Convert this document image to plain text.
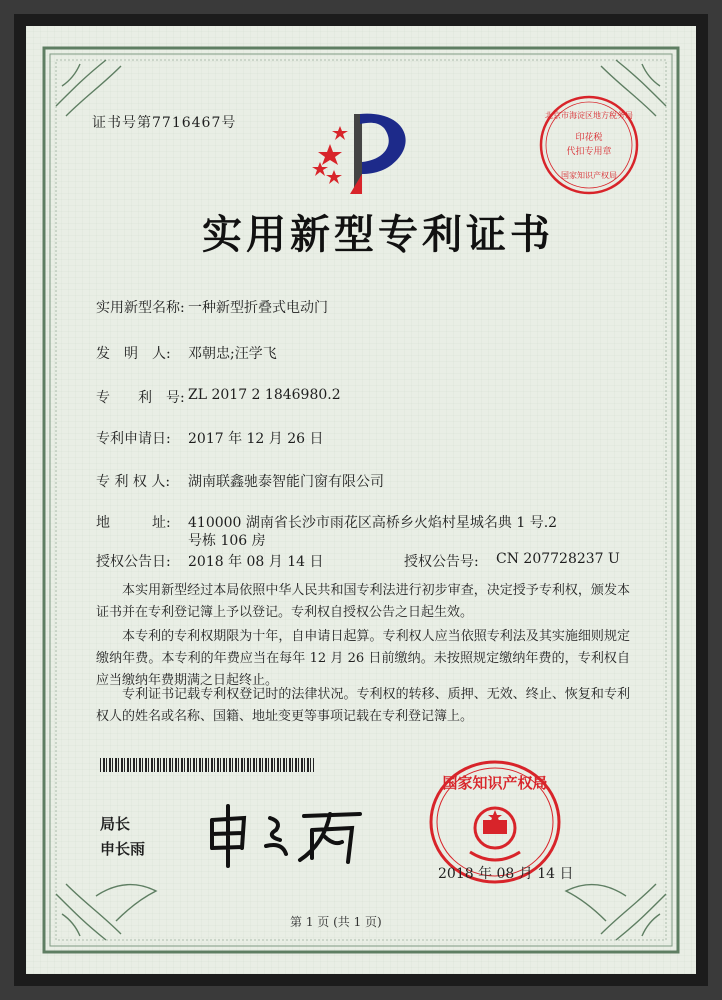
证书号第7716467号
实用新型专利证书
实用新型名称: 一种新型折叠式电动门
发　明　人: 邓朝忠;汪学飞
专　　利　号: ZL 2017 2 1846980.2
专利申请日: 2017 年 12 月 26 日
专 利 权 人: 湖南联鑫驰泰智能门窗有限公司
地　　　址: 410000 湖南省长沙市雨花区高桥乡火焰村星城名典 1 号.2
号栋 106 房
授权公告日: 2018 年 08 月 14 日	授权公告号: CN 207728237 U
　　本实用新型经过本局依照中华人民共和国专利法进行初步审查，决定授予专利权，颁发本证书并在专利登记簿上予以登记。专利权自授权公告之日起生效。
　　本专利的专利权期限为十年，自申请日起算。专利权人应当依照专利法及其实施细则规定缴纳年费。本专利的年费应当在每年 12 月 26 日前缴纳。未按照规定缴纳年费的，专利权自应当缴纳年费期满之日起终止。
　　专利证书记载专利权登记时的法律状况。专利权的转移、质押、无效、终止、恢复和专利权人的姓名或名称、国籍、地址变更等事项记载在专利登记簿上。
局长
申长雨
国家知识产权局
2018 年 08 月 14 日
北京市海淀区地方税务局
印花税
代扣专用章
国家知识产权局
第 1 页 (共 1 页)
